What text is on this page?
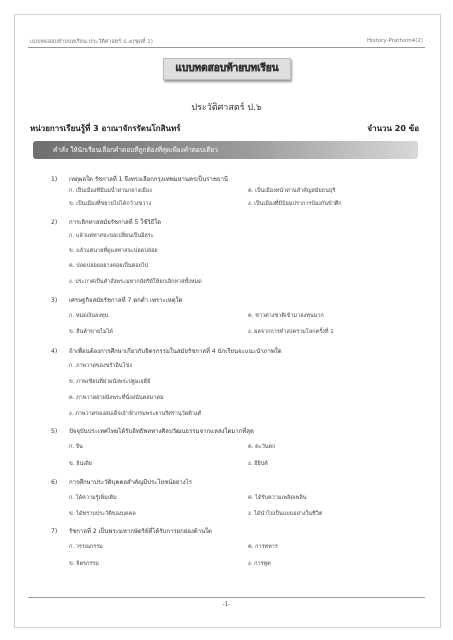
แบบทดสอบท้ายบทเรียน-ประวัติศาสตร์ ป.๔(ชุดที่ 1)	History-Prathom4(2)
แบบทดสอบท้ายบทเรียน
ประวัติศาสตร์ ป.๖
หน่วยการเรียนรู้ที่ 3 อาณาจักรรัตนโกสินทร์	จำนวน 20 ข้อ
คำสั่ง ให้นักเรียนเลือกคำตอบที่ถูกต้องที่สุดเพียงคำตอบเดียว
1) เหตุผลใด รัชกาลที่ 1 จึงทรงเลือกกรุงเทพมหานครเป็นราชธานี
ก. เป็นเมืองที่มีแม่น้ำผ่านกลางเมือง	ค. เป็นเมืองหน้าด่านสำคัญสมัยธนบุรี
ข. เป็นเมืองที่ขยายไปได้กว้างขวาง	ง. เป็นเมืองที่มีป้อมปราการป้องกันข้าศึก
2) การเลิกทาสสมัยรัชกาลที่ 5 ใช้วิธีใด
ก. แล้วแต่ทาสจะขอเปลี่ยนเป็นอิสระ
ข. แล้วแต่นายที่ดูแลทาสจะปลดปล่อย
ค. ปลดปล่อยอย่างค่อยเป็นค่อยไป
ง. ประกาศเป็นคำสั่งพระมหากษัตริย์ให้ยกเลิกทาสทั้งหมด
3) เศรษฐกิจสมัยรัชกาลที่ 7 ตกต่ำ เพราะเหตุใด
ก. หมดเงินลงทุน	ค. ชาวต่างชาติเข้ามาลงทุนมาก
ข. สินค้าขายไม่ได้	ง. ผลจากการทำสงครามโลกครั้งที่ 1
4) ถ้าเพื่อนต้องการศึกษาเกี่ยวกับจิตรกรรมในสมัยรัชกาลที่ 4 นักเรียนจะแนะนำภาพใด
ก. ภาพวาดของขรัวอินโข่ง
ข. ภาพเขียนที่ฝาผนังพระปฐมเจดีย์
ค. ภาพวาดฝาผนังพระที่นั่งอนันตสมาคม
ง. ภาพวาดของสมเด็จเจ้าฟ้ากรมพระยานริศรานุวัดติวงศ์
5) ปัจจุบันประเทศไทยได้รับอิทธิพลทางศิลปวัฒนธรรมจากแหล่งใดมากที่สุด
ก. จีน	ค. ตะวันตก
ข. อินเดีย	ง. อียิปต์
6) การศึกษาประวัติบุคคลสำคัญมีประโยชน์อย่างไร
ก. ได้ความรู้เพิ่มเติม	ค. ได้รับความเพลิดเพลิน
ข. ได้ทราบประวัติของบุคคล	ง. ได้นำไปเป็นแบบอย่างในชีวิต
7) รัชกาลที่ 2 เป็นพระมหากษัตริย์ที่ได้รับการยกย่องด้านใด
ก. วรรณกรรม	ค. การทหาร
ข. จิตรกรรม	ง. การทูต
-1-
